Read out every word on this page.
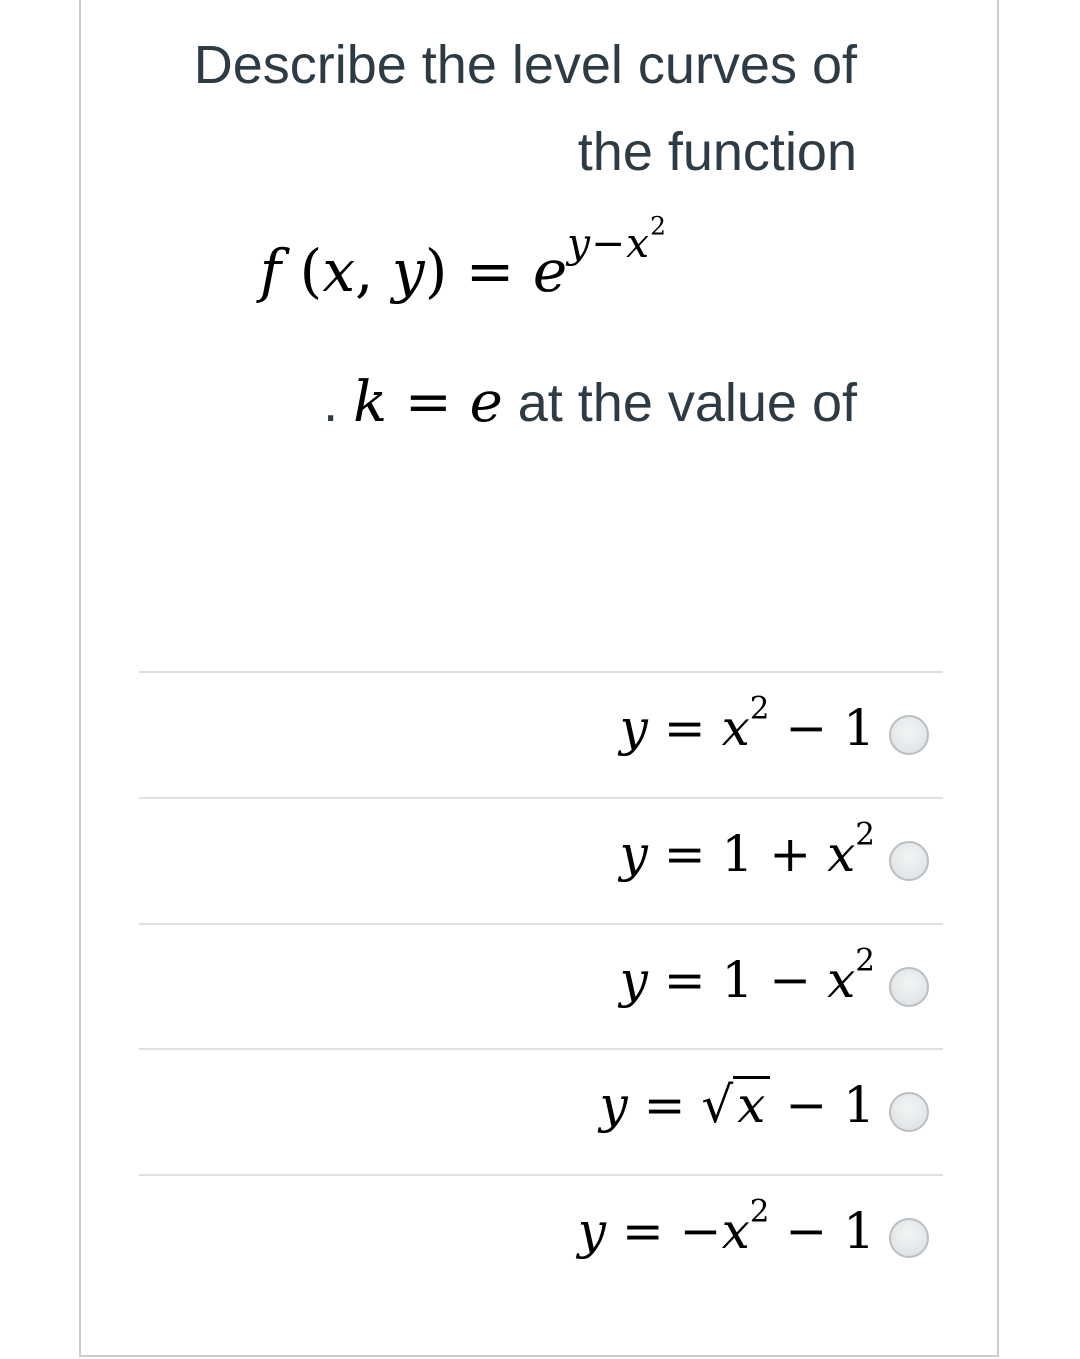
Describe the level curves of
the function
f (x, $y) = e^{y-x^2}$
. k = e at the value of
$y = x^2 - 1$
$y = 1 + x^2$
$y = 1 - x^2$
y = √x − 1
$y = -x^2 - 1$
